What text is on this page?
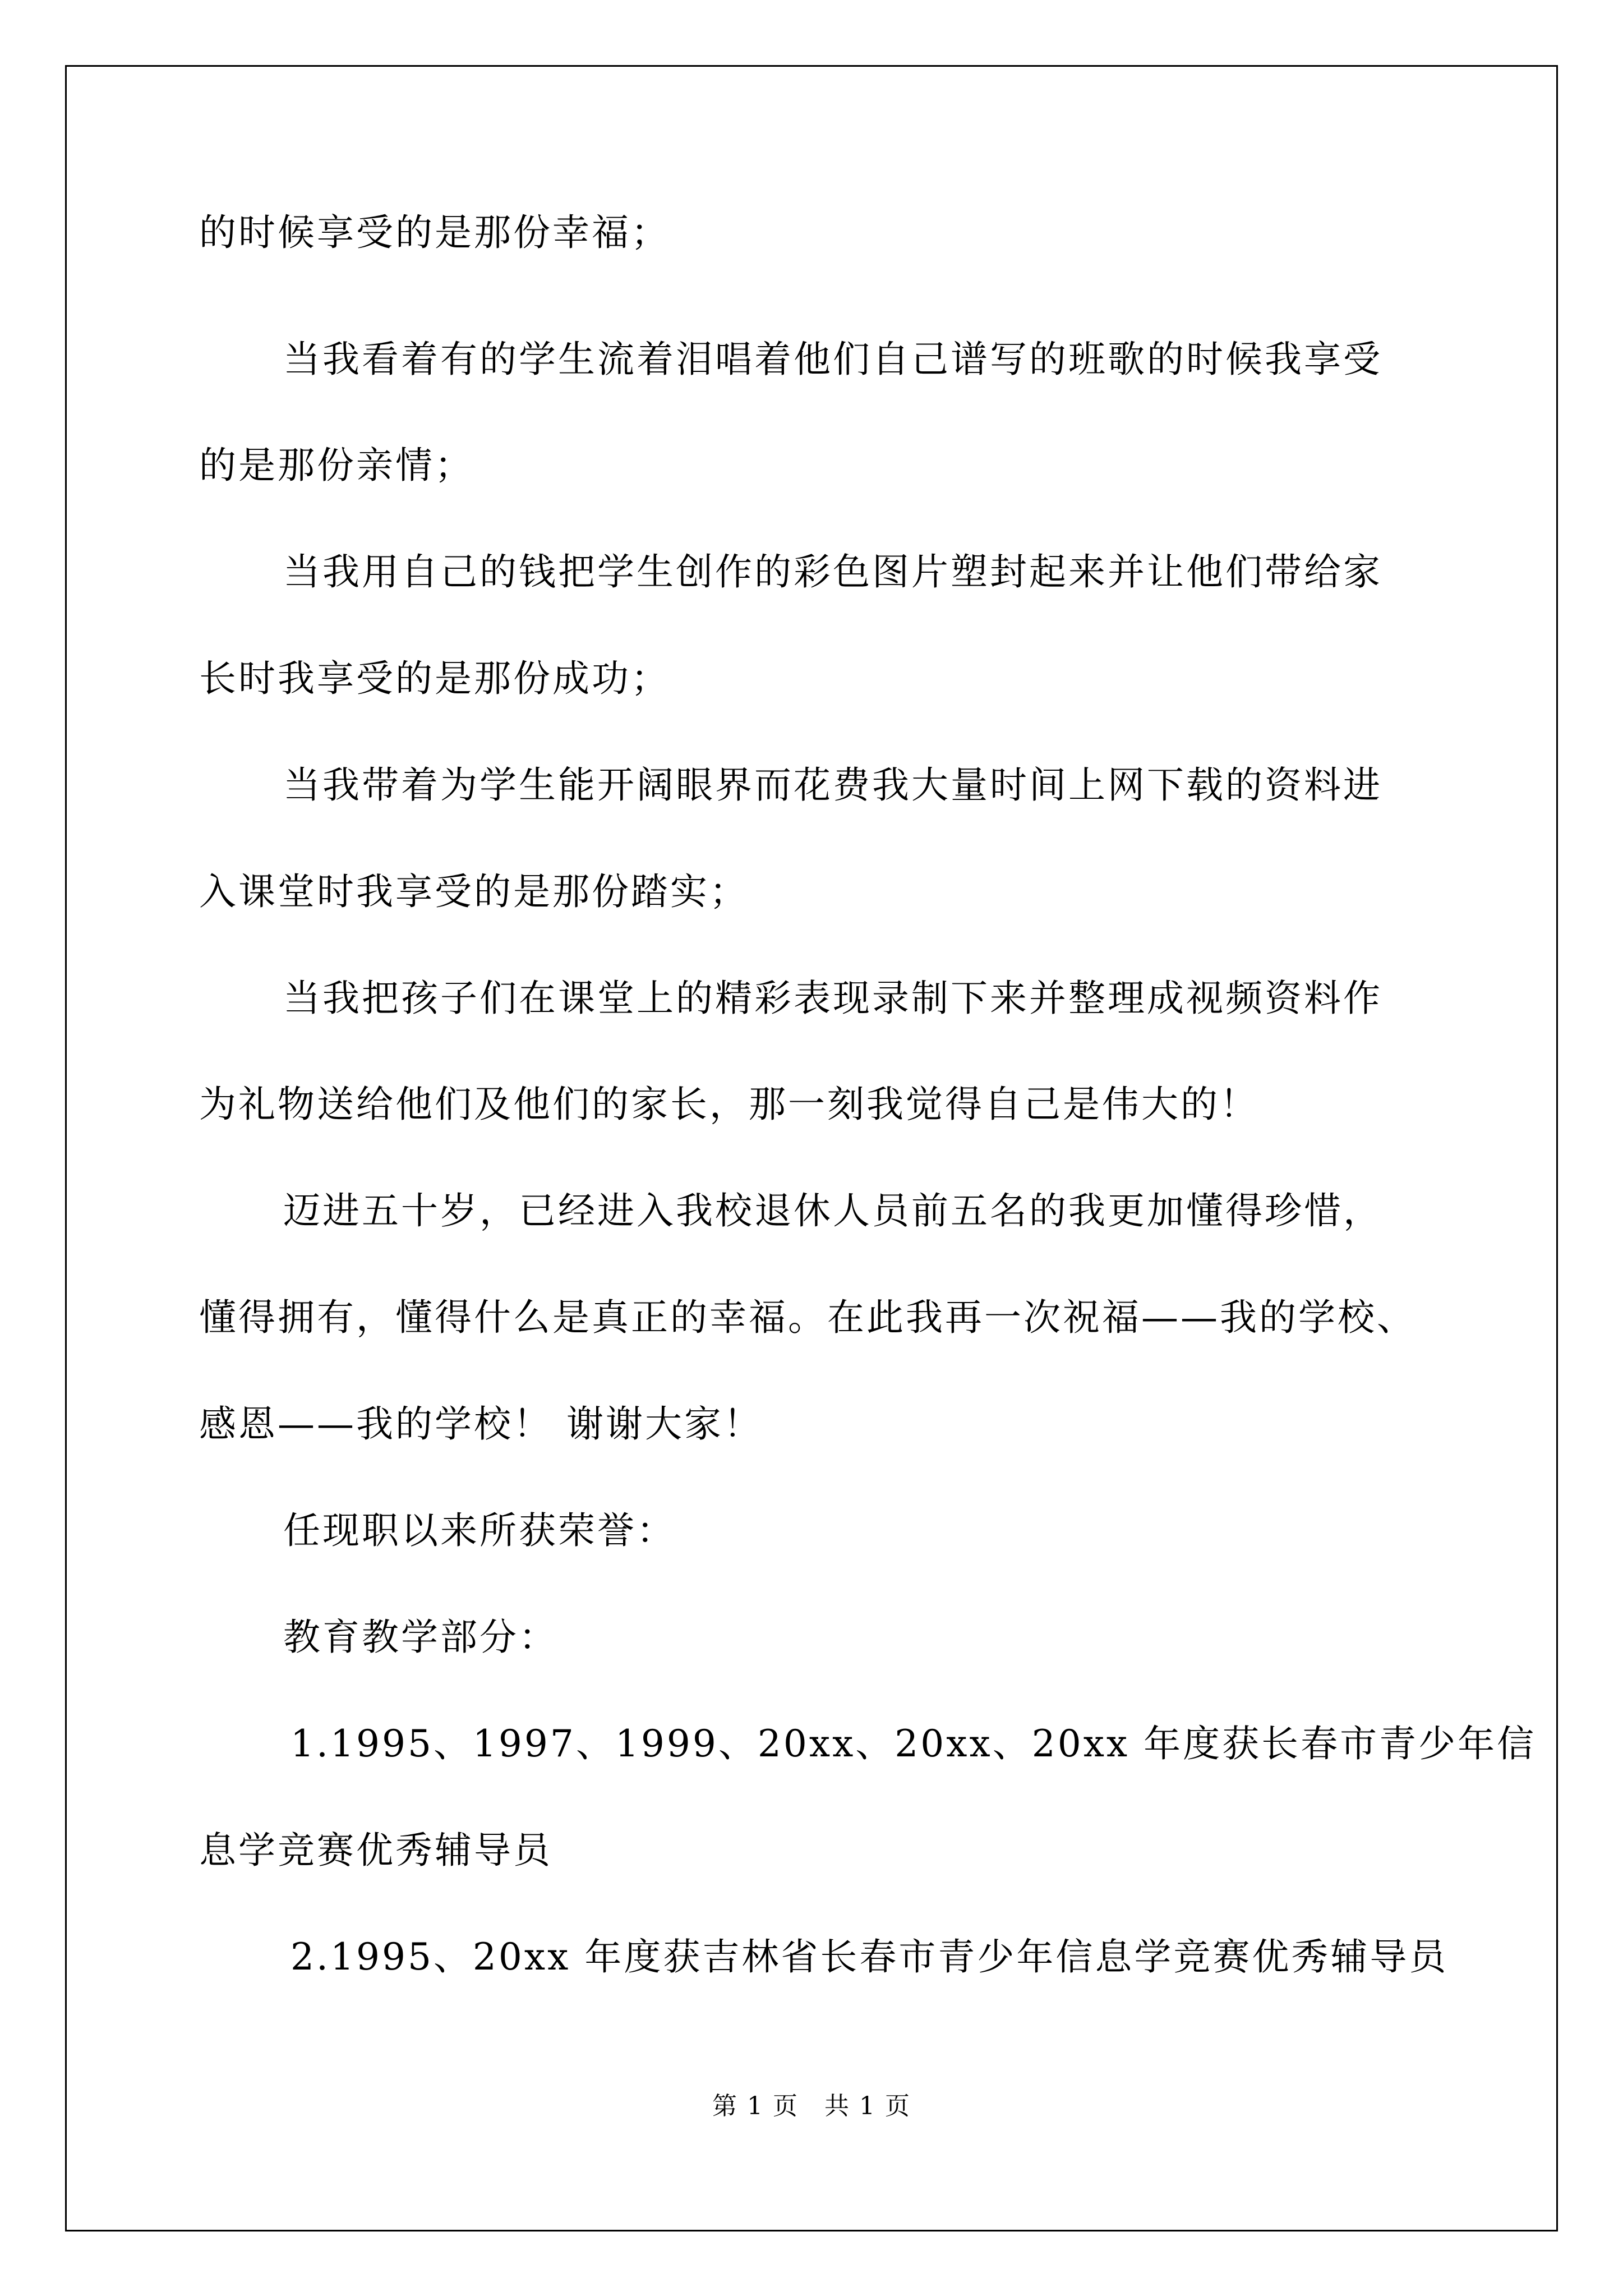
的时候享受的是那份幸福；
当我看着有的学生流着泪唱着他们自己谱写的班歌的时候我享受
的是那份亲情；
当我用自己的钱把学生创作的彩色图片塑封起来并让他们带给家
长时我享受的是那份成功；
当我带着为学生能开阔眼界而花费我大量时间上网下载的资料进
入课堂时我享受的是那份踏实；
当我把孩子们在课堂上的精彩表现录制下来并整理成视频资料作
为礼物送给他们及他们的家长，那一刻我觉得自己是伟大的！
迈进五十岁，已经进入我校退休人员前五名的我更加懂得珍惜，
懂得拥有，懂得什么是真正的幸福。在此我再一次祝福——我的学校、
感恩——我的学校！ 谢谢大家！
任现职以来所获荣誉：
教育教学部分：
1.1995、1997、1999、20xx、20xx、20xx 年度获长春市青少年信
息学竞赛优秀辅导员
2.1995、20xx 年度获吉林省长春市青少年信息学竞赛优秀辅导员
第 1 页　共 1 页
